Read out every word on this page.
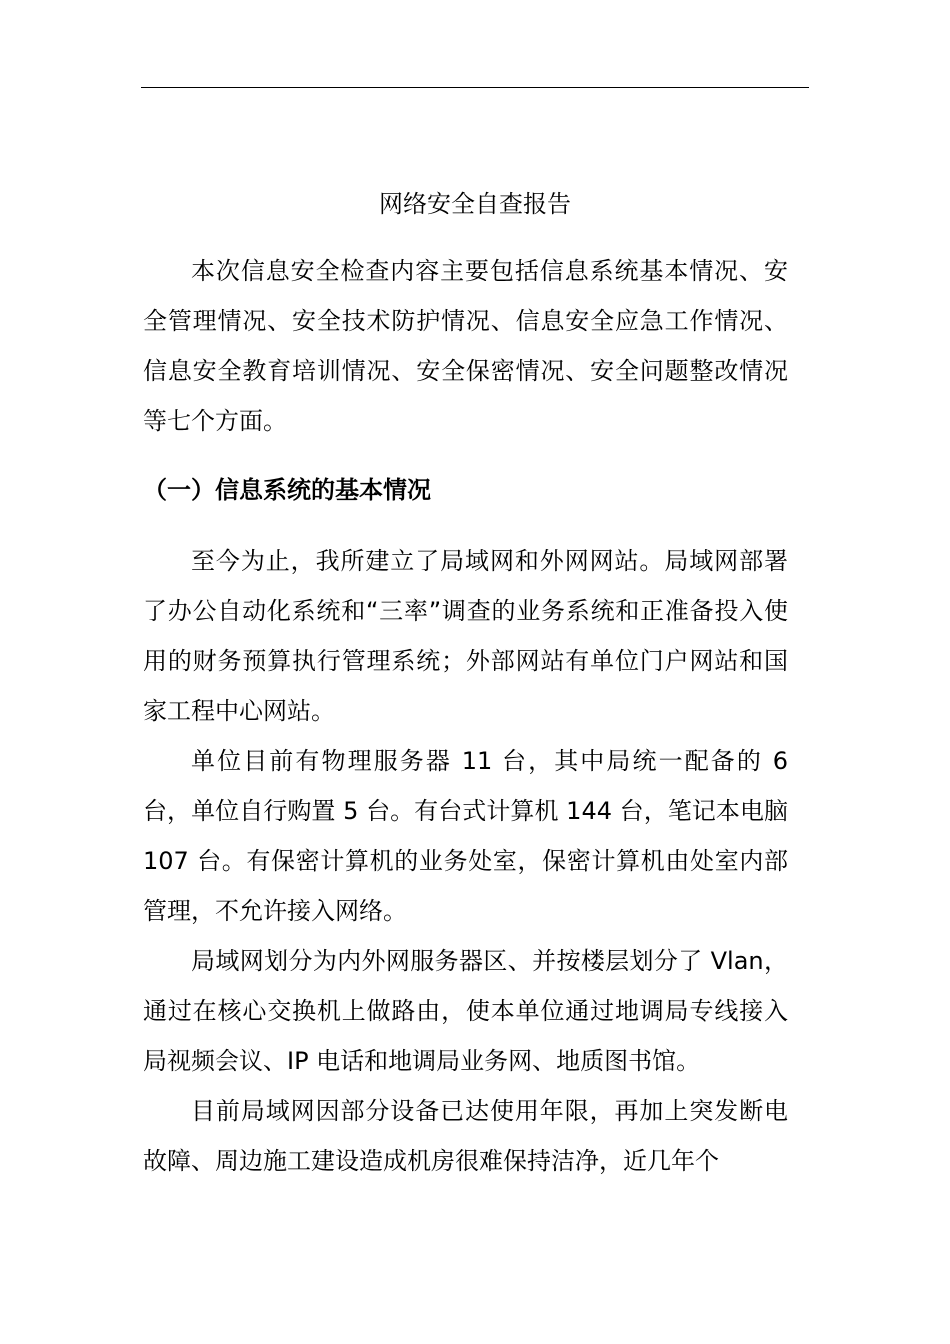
网络安全自查报告

本次信息安全检查内容主要包括信息系统基本情况、安全管理情况、安全技术防护情况、信息安全应急工作情况、信息安全教育培训情况、安全保密情况、安全问题整改情况等七个方面。

（一）信息系统的基本情况

至今为止，我所建立了局域网和外网网站。局域网部署了办公自动化系统和“三率”调查的业务系统和正准备投入使用的财务预算执行管理系统；外部网站有单位门户网站和国家工程中心网站。

单位目前有物理服务器 11 台，其中局统一配备的 6 台，单位自行购置 5 台。有台式计算机 144 台，笔记本电脑 107 台。有保密计算机的业务处室，保密计算机由处室内部管理，不允许接入网络。

局域网划分为内外网服务器区、并按楼层划分了 Vlan，通过在核心交换机上做路由，使本单位通过地调局专线接入局视频会议、IP 电话和地调局业务网、地质图书馆。

目前局域网因部分设备已达使用年限，再加上突发断电故障、周边施工建设造成机房很难保持洁净，近几年个
